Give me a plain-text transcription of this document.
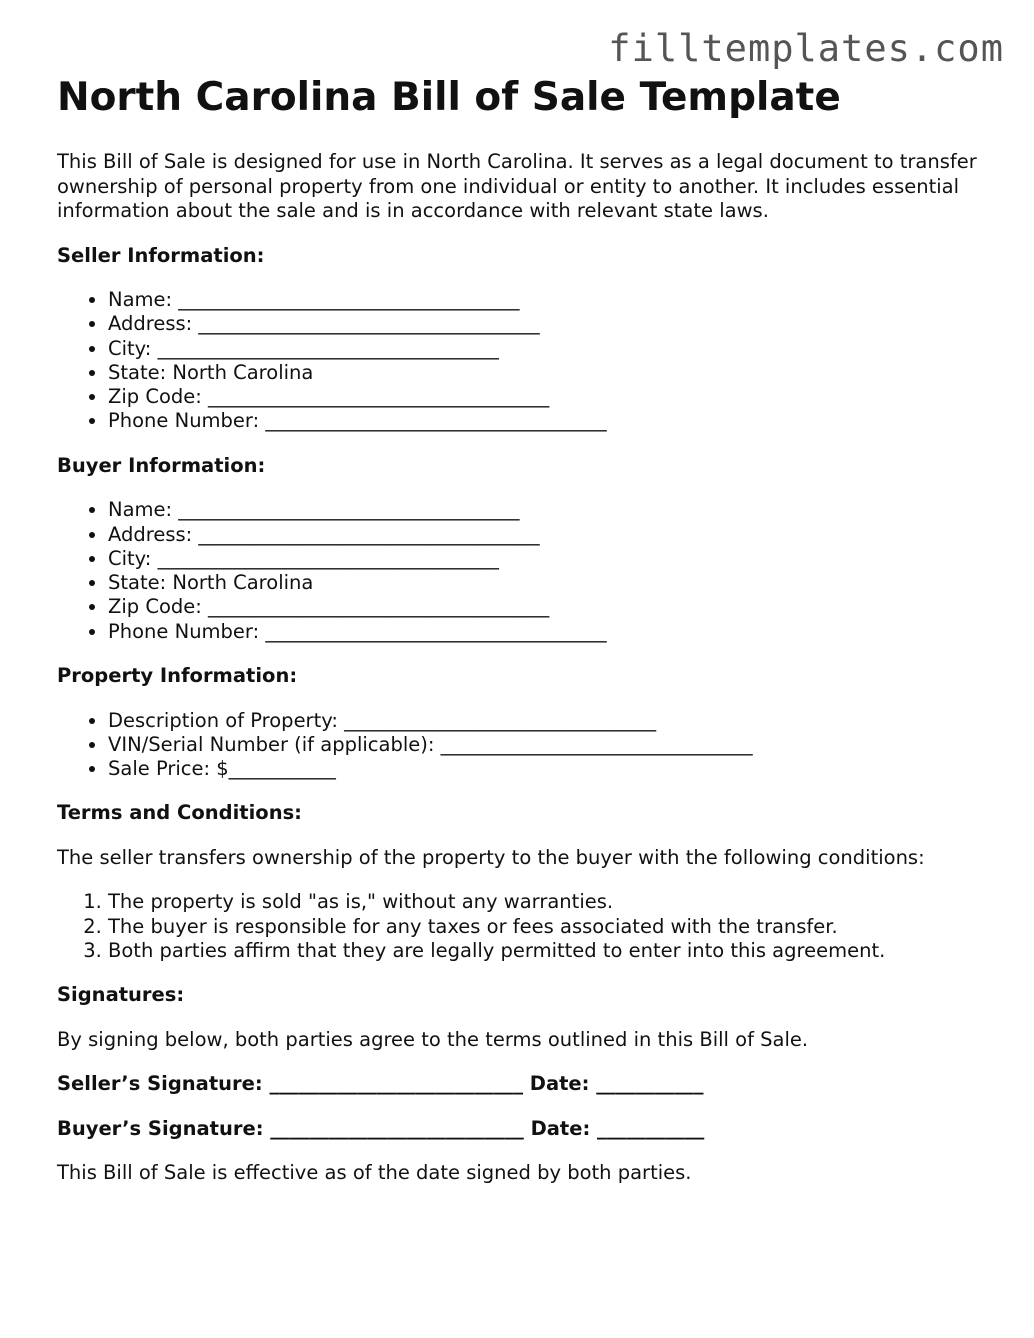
filltemplates.com
North Carolina Bill of Sale Template

This Bill of Sale is designed for use in North Carolina. It serves as a legal document to transfer ownership of personal property from one individual or entity to another. It includes essential information about the sale and is in accordance with relevant state laws.

Seller Information:
• Name: ___________________________________
• Address: ___________________________________
• City: ___________________________________
• State: North Carolina
• Zip Code: ___________________________________
• Phone Number: ___________________________________
Buyer Information:
• Name: ___________________________________
• Address: ___________________________________
• City: ___________________________________
• State: North Carolina
• Zip Code: ___________________________________
• Phone Number: ___________________________________
Property Information:
• Description of Property: ________________________________
• VIN/Serial Number (if applicable): ________________________________
• Sale Price: $___________
Terms and Conditions:

The seller transfers ownership of the property to the buyer with the following conditions:

1. The property is sold "as is," without any warranties.
2. The buyer is responsible for any taxes or fees associated with the transfer.
3. Both parties affirm that they are legally permitted to enter into this agreement.
Signatures:

By signing below, both parties agree to the terms outlined in this Bill of Sale.

Seller’s Signature: __________________________ Date: ___________

Buyer’s Signature: __________________________ Date: ___________

This Bill of Sale is effective as of the date signed by both parties.
